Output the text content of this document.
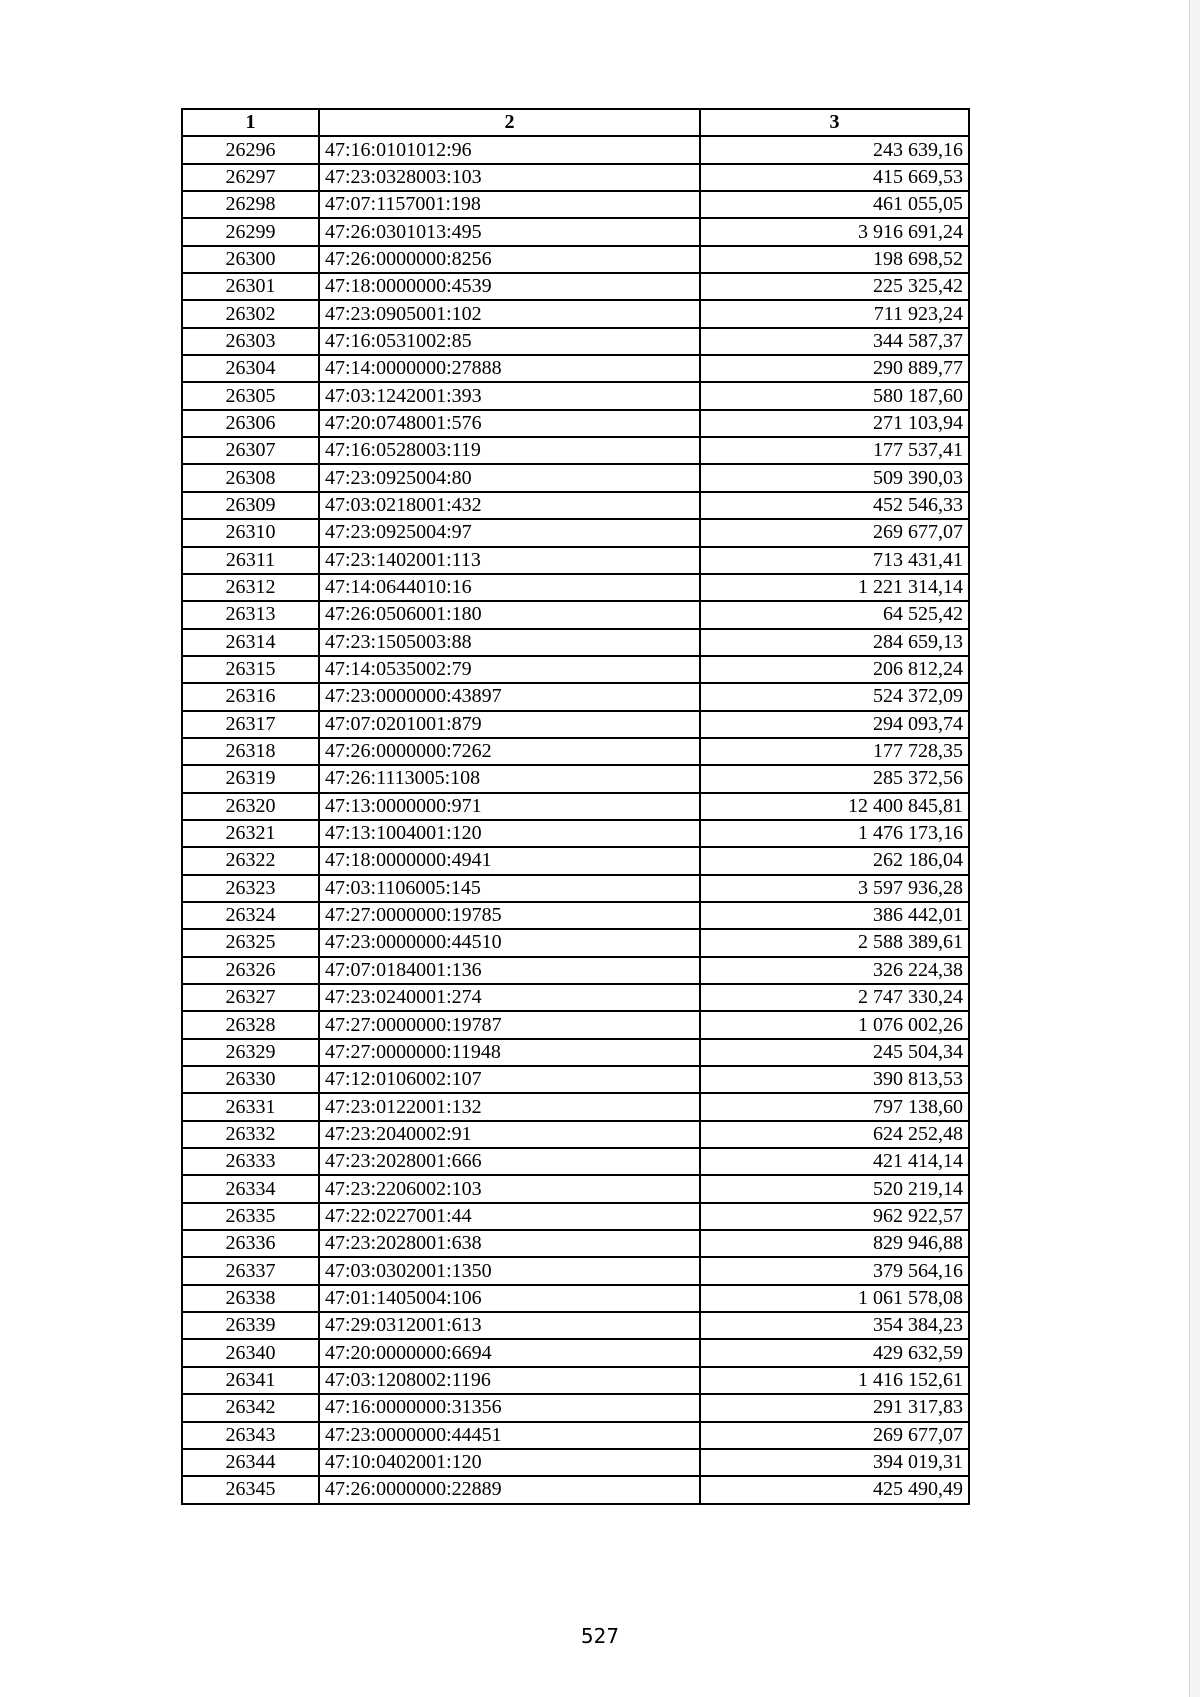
1	2	3
26296	47:16:0101012:96	243 639,16
26297	47:23:0328003:103	415 669,53
26298	47:07:1157001:198	461 055,05
26299	47:26:0301013:495	3 916 691,24
26300	47:26:0000000:8256	198 698,52
26301	47:18:0000000:4539	225 325,42
26302	47:23:0905001:102	711 923,24
26303	47:16:0531002:85	344 587,37
26304	47:14:0000000:27888	290 889,77
26305	47:03:1242001:393	580 187,60
26306	47:20:0748001:576	271 103,94
26307	47:16:0528003:119	177 537,41
26308	47:23:0925004:80	509 390,03
26309	47:03:0218001:432	452 546,33
26310	47:23:0925004:97	269 677,07
26311	47:23:1402001:113	713 431,41
26312	47:14:0644010:16	1 221 314,14
26313	47:26:0506001:180	64 525,42
26314	47:23:1505003:88	284 659,13
26315	47:14:0535002:79	206 812,24
26316	47:23:0000000:43897	524 372,09
26317	47:07:0201001:879	294 093,74
26318	47:26:0000000:7262	177 728,35
26319	47:26:1113005:108	285 372,56
26320	47:13:0000000:971	12 400 845,81
26321	47:13:1004001:120	1 476 173,16
26322	47:18:0000000:4941	262 186,04
26323	47:03:1106005:145	3 597 936,28
26324	47:27:0000000:19785	386 442,01
26325	47:23:0000000:44510	2 588 389,61
26326	47:07:0184001:136	326 224,38
26327	47:23:0240001:274	2 747 330,24
26328	47:27:0000000:19787	1 076 002,26
26329	47:27:0000000:11948	245 504,34
26330	47:12:0106002:107	390 813,53
26331	47:23:0122001:132	797 138,60
26332	47:23:2040002:91	624 252,48
26333	47:23:2028001:666	421 414,14
26334	47:23:2206002:103	520 219,14
26335	47:22:0227001:44	962 922,57
26336	47:23:2028001:638	829 946,88
26337	47:03:0302001:1350	379 564,16
26338	47:01:1405004:106	1 061 578,08
26339	47:29:0312001:613	354 384,23
26340	47:20:0000000:6694	429 632,59
26341	47:03:1208002:1196	1 416 152,61
26342	47:16:0000000:31356	291 317,83
26343	47:23:0000000:44451	269 677,07
26344	47:10:0402001:120	394 019,31
26345	47:26:0000000:22889	425 490,49
527
